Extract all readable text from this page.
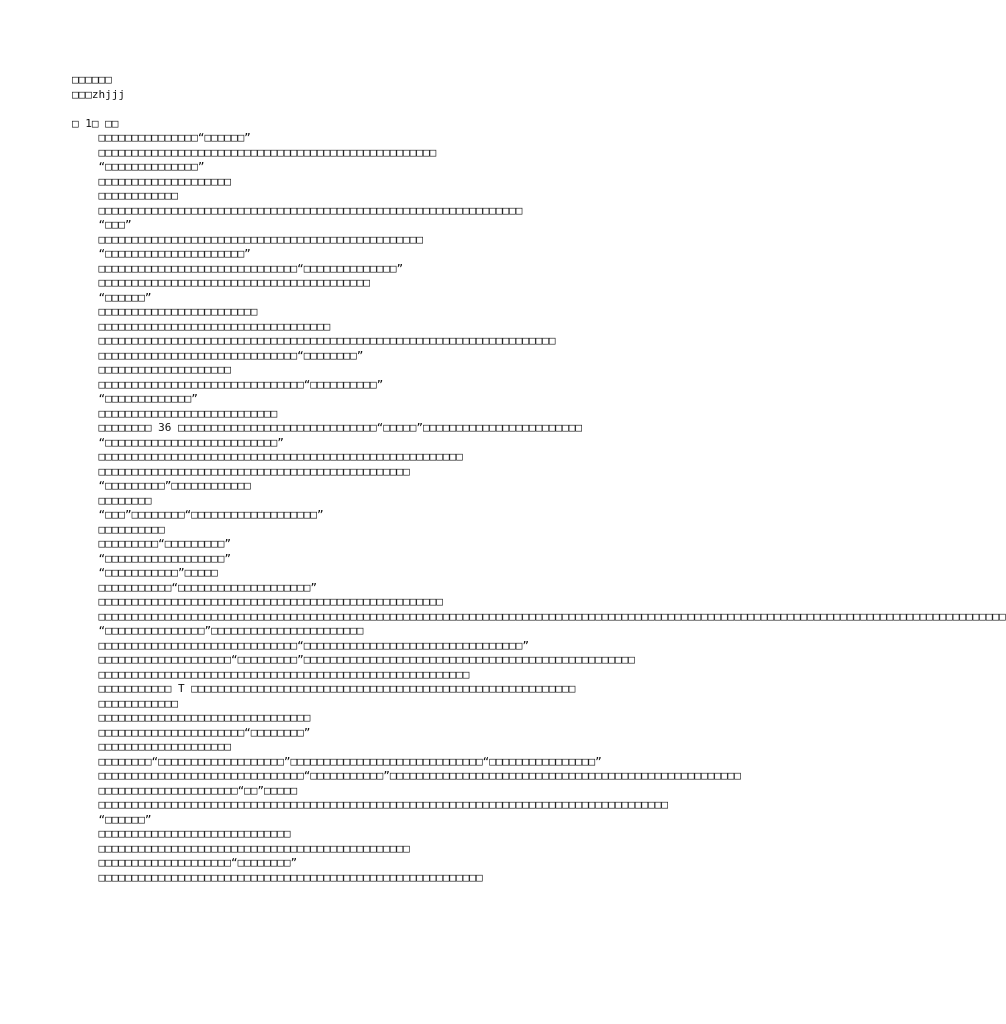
□□□□□□
□□□zhjjj
□ 1□ □□
□□□□□□□□□□□□□□□“□□□□□□”
□□□□□□□□□□□□□□□□□□□□□□□□□□□□□□□□□□□□□□□□□□□□□□□□□□□
“□□□□□□□□□□□□□□”
□□□□□□□□□□□□□□□□□□□□
□□□□□□□□□□□□
□□□□□□□□□□□□□□□□□□□□□□□□□□□□□□□□□□□□□□□□□□□□□□□□□□□□□□□□□□□□□□□□
“□□□”
□□□□□□□□□□□□□□□□□□□□□□□□□□□□□□□□□□□□□□□□□□□□□□□□□
“□□□□□□□□□□□□□□□□□□□□□”
□□□□□□□□□□□□□□□□□□□□□□□□□□□□□□“□□□□□□□□□□□□□□”
□□□□□□□□□□□□□□□□□□□□□□□□□□□□□□□□□□□□□□□□□
“□□□□□□”
□□□□□□□□□□□□□□□□□□□□□□□□
□□□□□□□□□□□□□□□□□□□□□□□□□□□□□□□□□□□
□□□□□□□□□□□□□□□□□□□□□□□□□□□□□□□□□□□□□□□□□□□□□□□□□□□□□□□□□□□□□□□□□□□□□
□□□□□□□□□□□□□□□□□□□□□□□□□□□□□□“□□□□□□□□”
□□□□□□□□□□□□□□□□□□□□
□□□□□□□□□□□□□□□□□□□□□□□□□□□□□□□“□□□□□□□□□□”
“□□□□□□□□□□□□□”
□□□□□□□□□□□□□□□□□□□□□□□□□□□
□□□□□□□□ 36 □□□□□□□□□□□□□□□□□□□□□□□□□□□□□□“□□□□□”□□□□□□□□□□□□□□□□□□□□□□□□
“□□□□□□□□□□□□□□□□□□□□□□□□□□”
□□□□□□□□□□□□□□□□□□□□□□□□□□□□□□□□□□□□□□□□□□□□□□□□□□□□□□□
□□□□□□□□□□□□□□□□□□□□□□□□□□□□□□□□□□□□□□□□□□□□□□□
“□□□□□□□□□”□□□□□□□□□□□□
□□□□□□□□
“□□□”□□□□□□□□“□□□□□□□□□□□□□□□□□□□”
□□□□□□□□□□
□□□□□□□□□“□□□□□□□□□”
“□□□□□□□□□□□□□□□□□□”
“□□□□□□□□□□□”□□□□□
□□□□□□□□□□□“□□□□□□□□□□□□□□□□□□□□”
□□□□□□□□□□□□□□□□□□□□□□□□□□□□□□□□□□□□□□□□□□□□□□□□□□□□
□□□□□□□□□□□□□□□□□□□□□□□□□□□□□□□□□□□□□□□□□□□□□□□□□□□□□□□□□□□□□□□□□□□□□□□□□□□□□□□□□□□□□□□□□□□□□□□□□□□□□□□□□□□□□□□□□□□□□□□□□□□□□□□□□□□□□□□□□
“□□□□□□□□□□□□□□□”□□□□□□□□□□□□□□□□□□□□□□□
□□□□□□□□□□□□□□□□□□□□□□□□□□□□□□“□□□□□□□□□□□□□□□□□□□□□□□□□□□□□□□□□”
□□□□□□□□□□□□□□□□□□□□“□□□□□□□□□”□□□□□□□□□□□□□□□□□□□□□□□□□□□□□□□□□□□□□□□□□□□□□□□□□□
□□□□□□□□□□□□□□□□□□□□□□□□□□□□□□□□□□□□□□□□□□□□□□□□□□□□□□□□
□□□□□□□□□□□ T □□□□□□□□□□□□□□□□□□□□□□□□□□□□□□□□□□□□□□□□□□□□□□□□□□□□□□□□□□
□□□□□□□□□□□□
□□□□□□□□□□□□□□□□□□□□□□□□□□□□□□□□
□□□□□□□□□□□□□□□□□□□□□□“□□□□□□□□”
□□□□□□□□□□□□□□□□□□□□
□□□□□□□□“□□□□□□□□□□□□□□□□□□□”□□□□□□□□□□□□□□□□□□□□□□□□□□□□□“□□□□□□□□□□□□□□□□”
□□□□□□□□□□□□□□□□□□□□□□□□□□□□□□□“□□□□□□□□□□□”□□□□□□□□□□□□□□□□□□□□□□□□□□□□□□□□□□□□□□□□□□□□□□□□□□□□□
□□□□□□□□□□□□□□□□□□□□□“□□”□□□□□
□□□□□□□□□□□□□□□□□□□□□□□□□□□□□□□□□□□□□□□□□□□□□□□□□□□□□□□□□□□□□□□□□□□□□□□□□□□□□□□□□□□□□□
“□□□□□□”
□□□□□□□□□□□□□□□□□□□□□□□□□□□□□
□□□□□□□□□□□□□□□□□□□□□□□□□□□□□□□□□□□□□□□□□□□□□□□
□□□□□□□□□□□□□□□□□□□□“□□□□□□□□”
□□□□□□□□□□□□□□□□□□□□□□□□□□□□□□□□□□□□□□□□□□□□□□□□□□□□□□□□□□
